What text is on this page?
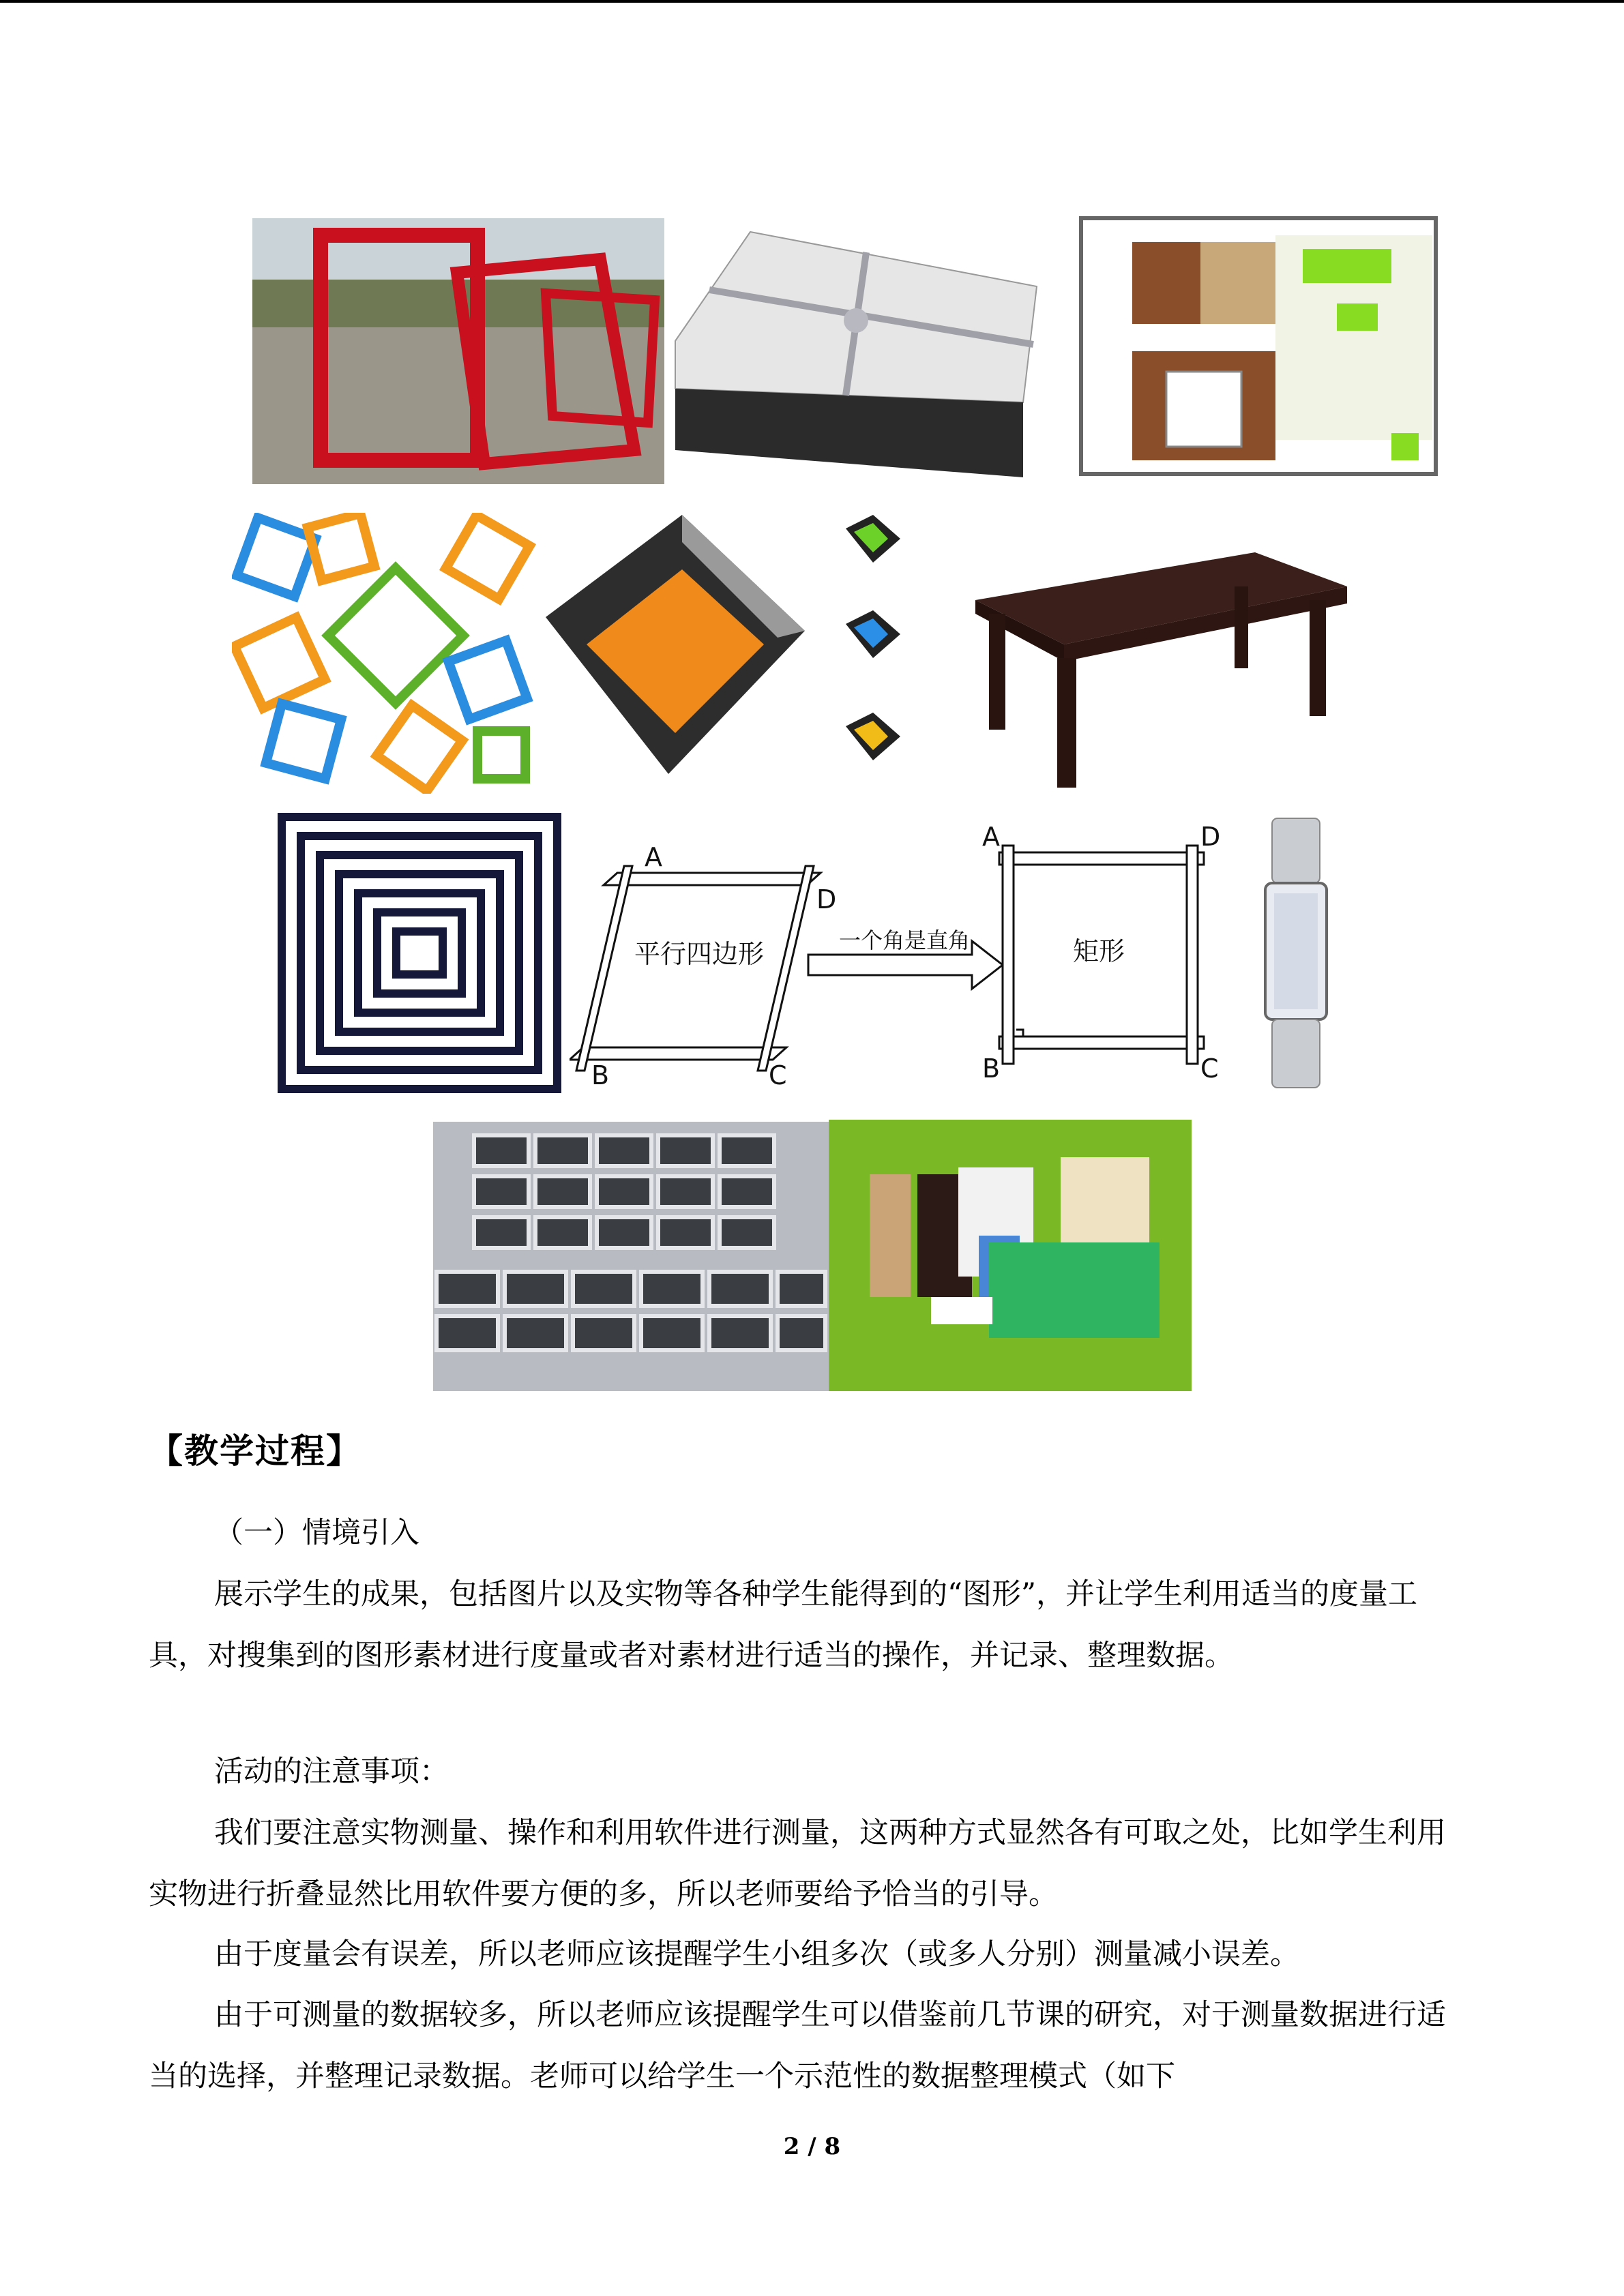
A
D
B	C
平行四边形	一个角是直角
A	D
B	C
矩形
【教学过程】
（一）情境引入
展示学生的成果，包括图片以及实物等各种学生能得到的“图形”，并让学生利用适当的度量工具，对搜集到的图形素材进行度量或者对素材进行适当的操作，并记录、整理数据。
活动的注意事项：
我们要注意实物测量、操作和利用软件进行测量，这两种方式显然各有可取之处，比如学生利用实物进行折叠显然比用软件要方便的多，所以老师要给予恰当的引导。
由于度量会有误差，所以老师应该提醒学生小组多次（或多人分别）测量减小误差。
由于可测量的数据较多，所以老师应该提醒学生可以借鉴前几节课的研究，对于测量数据进行适当的选择，并整理记录数据。老师可以给学生一个示范性的数据整理模式（如下
2 / 8
